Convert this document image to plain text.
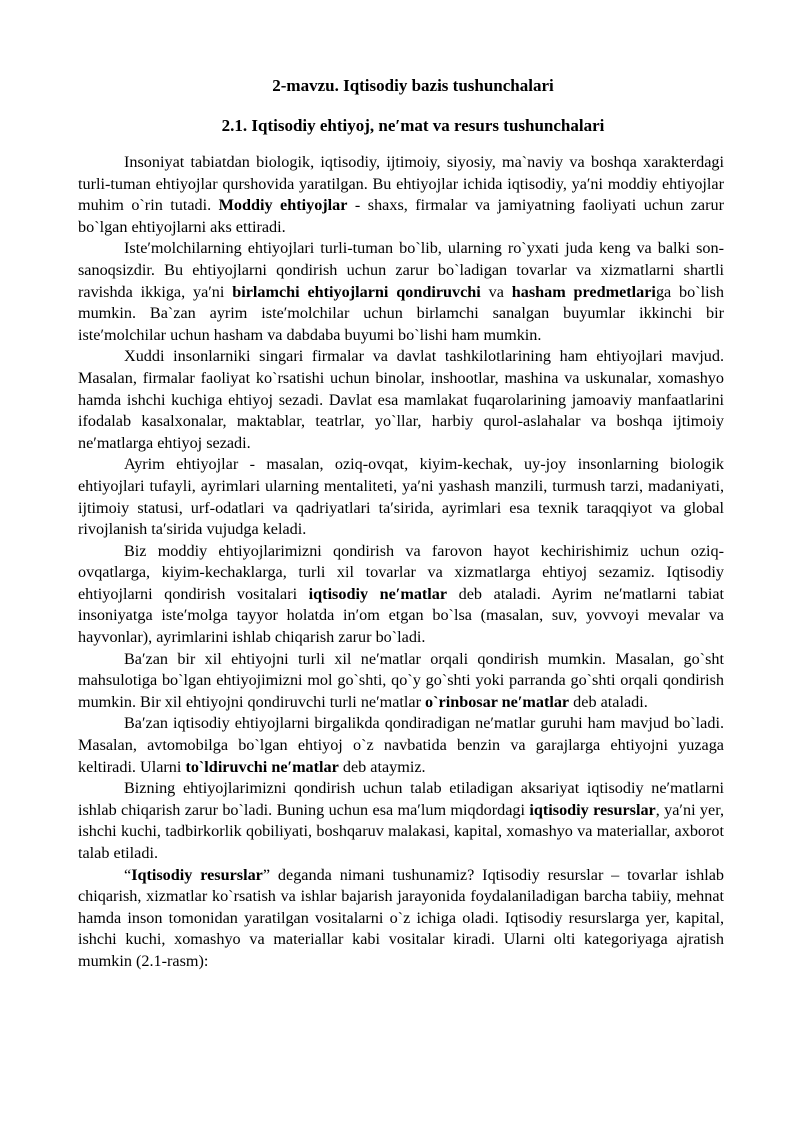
2-mavzu. Iqtisodiy bazis tushunchalari
2.1. Iqtisodiy ehtiyoj, ne′mat va resurs tushunchalari

Insoniyat tabiatdan biologik, iqtisodiy, ijtimoiy, siyosiy, ma`naviy va boshqa xarakterdagi turli-tuman ehtiyojlar qurshovida yaratilgan. Bu ehtiyojlar ichida iqtisodiy, ya′ni moddiy ehtiyojlar muhim o`rin tutadi. Moddiy ehtiyojlar - shaxs, firmalar va jamiyatning faoliyati uchun zarur bo`lgan ehtiyojlarni aks ettiradi.

Iste′molchilarning ehtiyojlari turli-tuman bo`lib, ularning ro`yxati juda keng va balki son-sanoqsizdir. Bu ehtiyojlarni qondirish uchun zarur bo`ladigan tovarlar va xizmatlarni shartli ravishda ikkiga, ya′ni birlamchi ehtiyojlarni qondiruvchi va hasham predmetlariga bo`lish mumkin. Ba`zan ayrim iste′molchilar uchun birlamchi sanalgan buyumlar ikkinchi bir iste′molchilar uchun hasham va dabdaba buyumi bo`lishi ham mumkin.

Xuddi insonlarniki singari firmalar va davlat tashkilotlarining ham ehtiyojlari mavjud. Masalan, firmalar faoliyat ko`rsatishi uchun binolar, inshootlar, mashina va uskunalar, xomashyo hamda ishchi kuchiga ehtiyoj sezadi. Davlat esa mamlakat fuqarolarining jamoaviy manfaatlarini ifodalab kasalxonalar, maktablar, teatrlar, yo`llar, harbiy qurol-aslahalar va boshqa ijtimoiy ne′matlarga ehtiyoj sezadi.

Ayrim ehtiyojlar - masalan, oziq-ovqat, kiyim-kechak, uy-joy insonlarning biologik ehtiyojlari tufayli, ayrimlari ularning mentaliteti, ya′ni yashash manzili, turmush tarzi, madaniyati, ijtimoiy statusi, urf-odatlari va qadriyatlari ta′sirida, ayrimlari esa texnik taraqqiyot va global rivojlanish ta′sirida vujudga keladi.

Biz moddiy ehtiyojlarimizni qondirish va farovon hayot kechirishimiz uchun oziq-ovqatlarga, kiyim-kechaklarga, turli xil tovarlar va xizmatlarga ehtiyoj sezamiz. Iqtisodiy ehtiyojlarni qondirish vositalari iqtisodiy ne′matlar deb ataladi. Ayrim ne′matlarni tabiat insoniyatga iste′molga tayyor holatda in′om etgan bo`lsa (masalan, suv, yovvoyi mevalar va hayvonlar), ayrimlarini ishlab chiqarish zarur bo`ladi.

Ba′zan bir xil ehtiyojni turli xil ne′matlar orqali qondirish mumkin. Masalan, go`sht mahsulotiga bo`lgan ehtiyojimizni mol go`shti, qo`y go`shti yoki parranda go`shti orqali qondirish mumkin. Bir xil ehtiyojni qondiruvchi turli ne′matlar o`rinbosar ne′matlar deb ataladi.

Ba′zan iqtisodiy ehtiyojlarni birgalikda qondiradigan ne′matlar guruhi ham mavjud bo`ladi. Masalan, avtomobilga bo`lgan ehtiyoj o`z navbatida benzin va garajlarga ehtiyojni yuzaga keltiradi. Ularni to`ldiruvchi ne′matlar deb ataymiz.

Bizning ehtiyojlarimizni qondirish uchun talab etiladigan aksariyat iqtisodiy ne′matlarni ishlab chiqarish zarur bo`ladi. Buning uchun esa ma′lum miqdordagi iqtisodiy resurslar, ya′ni yer, ishchi kuchi, tadbirkorlik qobiliyati, boshqaruv malakasi, kapital, xomashyo va materiallar, axborot talab etiladi.

“Iqtisodiy resurslar” deganda nimani tushunamiz? Iqtisodiy resurslar – tovarlar ishlab chiqarish, xizmatlar ko`rsatish va ishlar bajarish jarayonida foydalaniladigan barcha tabiiy, mehnat hamda inson tomonidan yaratilgan vositalarni o`z ichiga oladi. Iqtisodiy resurslarga yer, kapital, ishchi kuchi, xomashyo va materiallar kabi vositalar kiradi. Ularni olti kategoriyaga ajratish mumkin (2.1-rasm):
